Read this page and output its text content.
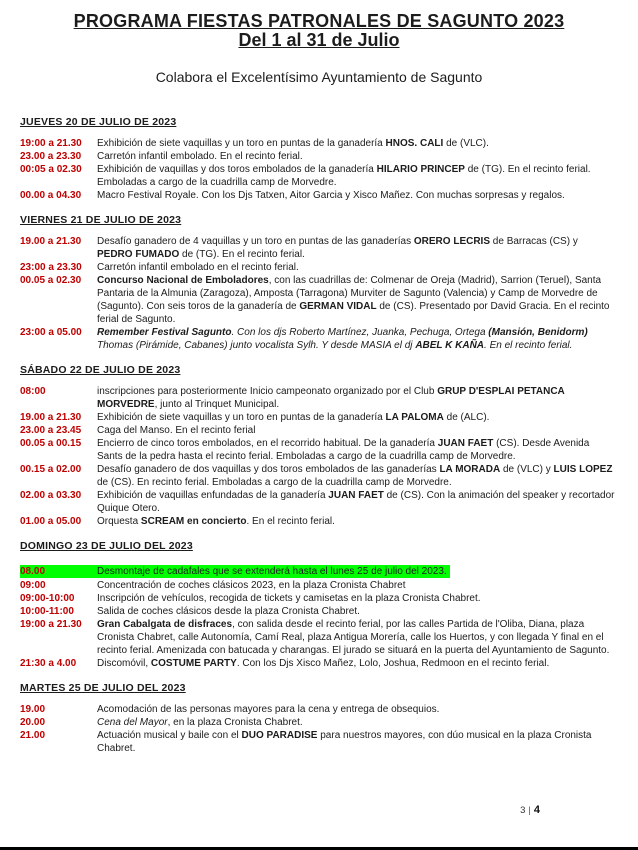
PROGRAMA FIESTAS PATRONALES DE SAGUNTO 2023
Del 1 al 31 de Julio

Colabora el Excelentísimo Ayuntamiento de Sagunto

JUEVES 20 DE JULIO DE 2023
19:00 a 21.30	Exhibición de siete vaquillas y un toro en puntas de la ganadería HNOS. CALI de (VLC).
23.00 a 23.30	Carretón infantil embolado. En el recinto ferial.
00:05 a 02.30	Exhibición de vaquillas y dos toros embolados de la ganadería HILARIO PRINCEP de (TG). En el recinto ferial. Emboladas a cargo de la cuadrilla camp de Morvedre.
00.00 a 04.30	Macro Festival Royale. Con los Djs Tatxen, Aitor Garcia y Xisco Mañez. Con muchas sorpresas y regalos.
VIERNES 21 DE JULIO DE 2023
19.00 a 21.30	Desafío ganadero de 4 vaquillas y un toro en puntas de las ganaderías ORERO LECRIS de Barracas (CS) y PEDRO FUMADO de (TG). En el recinto ferial.
23:00 a 23.30	Carretón infantil embolado en el recinto ferial.
00.05 a 02.30	Concurso Nacional de Emboladores, con las cuadrillas de: Colmenar de Oreja (Madrid), Sarrion (Teruel), Santa Pantaria de la Almunia (Zaragoza), Amposta (Tarragona) Murviter de Sagunto (Valencia) y Camp de Morvedre de (Sagunto). Con seis toros de la ganadería de GERMAN VIDAL de (CS). Presentado por David Gracia. En el recinto ferial de Sagunto.
23:00 a 05.00	Remember Festival Sagunto. Con los djs Roberto Martínez, Juanka, Pechuga, Ortega (Mansión, Benidorm) Thomas (Pirámide, Cabanes) junto vocalista Sylh. Y desde MASIA el dj ABEL K KAÑA. En el recinto ferial.
SÁBADO 22 DE JULIO DE 2023
08:00	inscripciones para posteriormente Inicio campeonato organizado por el Club GRUP D'ESPLAI PETANCA MORVEDRE, junto al Trinquet Municipal.
19.00 a 21.30	Exhibición de siete vaquillas y un toro en puntas de la ganadería LA PALOMA de (ALC).
23.00 a 23.45	Caga del Manso. En el recinto ferial
00.05 a 00.15	Encierro de cinco toros embolados, en el recorrido habitual. De la ganadería JUAN FAET (CS). Desde Avenida Sants de la pedra hasta el recinto ferial. Emboladas a cargo de la cuadrilla camp de Morvedre.
00.15 a 02.00	Desafío ganadero de dos vaquillas y dos toros embolados de las ganaderías LA MORADA de (VLC) y LUIS LOPEZ de (CS). En recinto ferial. Emboladas a cargo de la cuadrilla camp de Morvedre.
02.00 a 03.30	Exhibición de vaquillas enfundadas de la ganadería JUAN FAET de (CS). Con la animación del speaker y recortador Quique Otero.
01.00 a 05.00	Orquesta SCREAM en concierto. En el recinto ferial.
DOMINGO 23 DE JULIO DEL 2023
08.00	Desmontaje de cadafales que se extenderá hasta el lunes 25 de julio del 2023.
09:00	Concentración de coches clásicos 2023, en la plaza Cronista Chabret
09:00-10:00	Inscripción de vehículos, recogida de tickets y camisetas en la plaza Cronista Chabret.
10:00-11:00	Salida de coches clásicos desde la plaza Cronista Chabret.
19:00 a 21.30	Gran Cabalgata de disfraces, con salida desde el recinto ferial, por las calles Partida de l'Oliba, Diana, plaza Cronista Chabret, calle Autonomía, Camí Real, plaza Antigua Morería, calle los Huertos, y con llegada Y final en el recinto ferial. Amenizada con batucada y charangas. El jurado se situará en la puerta del Ayuntamiento de Sagunto.
21:30 a 4.00	Discomóvil, COSTUME PARTY. Con los Djs Xisco Mañez, Lolo, Joshua, Redmoon en el recinto ferial.
MARTES 25 DE JULIO DEL 2023
19.00	Acomodación de las personas mayores para la cena y entrega de obsequios.
20.00	Cena del Mayor, en la plaza Cronista Chabret.
21.00	Actuación musical y baile con el DUO PARADISE para nuestros mayores, con dúo musical en la plaza Cronista Chabret.
3 | 4
